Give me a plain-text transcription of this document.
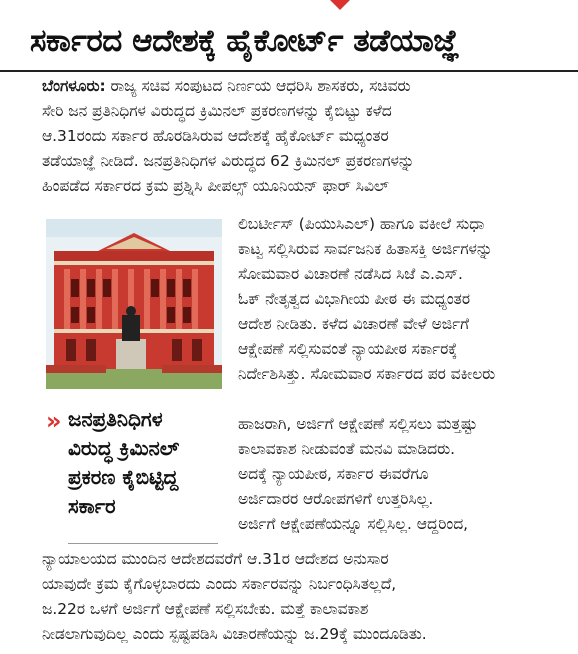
ಸರ್ಕಾರದ ಆದೇಶಕ್ಕೆ ಹೈಕೋರ್ಟ್ ತಡೆಯಾಜ್ಞೆ
ಬೆಂಗಳೂರು: ರಾಜ್ಯ ಸಚಿವ ಸಂಪುಟದ ನಿರ್ಣಯ ಆಧರಿಸಿ ಶಾಸಕರು, ಸಚಿವರು
ಸೇರಿ ಜನ ಪ್ರತಿನಿಧಿಗಳ ವಿರುದ್ಧದ ಕ್ರಿಮಿನಲ್ ಪ್ರಕರಣಗಳನ್ನು ಕೈಬಿಟ್ಟು ಕಳೆದ
ಆ.31ರಂದು ಸರ್ಕಾರ ಹೊರಡಿಸಿರುವ ಆದೇಶಕ್ಕೆ ಹೈಕೋರ್ಟ್ ಮಧ್ಯಂತರ
ತಡೆಯಾಜ್ಞೆ ನೀಡಿದೆ. ಜನಪ್ರತಿನಿಧಿಗಳ ವಿರುದ್ಧದ 62 ಕ್ರಿಮಿನಲ್ ಪ್ರಕರಣಗಳನ್ನು
ಹಿಂಪಡೆದ ಸರ್ಕಾರದ ಕ್ರಮ ಪ್ರಶ್ನಿಸಿ ಪೀಪಲ್ಸ್ ಯೂನಿಯನ್ ಫಾರ್ ಸಿವಿಲ್
ಲಿಬರ್ಟೀಸ್ (ಪಿಯುಸಿಎಲ್) ಹಾಗೂ ವಕೀಲೆ ಸುಧಾ
ಕಾಟ್ವ ಸಲ್ಲಿಸಿರುವ ಸಾರ್ವಜನಿಕ ಹಿತಾಸಕ್ತಿ ಅರ್ಜಿಗಳನ್ನು
ಸೋಮವಾರ ವಿಚಾರಣೆ ನಡೆಸಿದ ಸಿಜೆ ಎ.ಎಸ್.
ಓಕ್ ನೇತೃತ್ವದ ವಿಭಾಗೀಯ ಪೀಠ ಈ ಮಧ್ಯಂತರ
ಆದೇಶ ನೀಡಿತು. ಕಳೆದ ವಿಚಾರಣೆ ವೇಳೆ ಅರ್ಜಿಗೆ
ಆಕ್ಷೇಪಣೆ ಸಲ್ಲಿಸುವಂತೆ ನ್ಯಾಯಪೀಠ ಸರ್ಕಾರಕ್ಕೆ
ನಿರ್ದೇಶಿಸಿತ್ತು. ಸೋಮವಾರ ಸರ್ಕಾರದ ಪರ ವಕೀಲರು
» ಜನಪ್ರತಿನಿಧಿಗಳ
ವಿರುದ್ಧ ಕ್ರಿಮಿನಲ್
ಪ್ರಕರಣ ಕೈಬಿಟ್ಟಿದ್ದ
ಸರ್ಕಾರ
ಹಾಜರಾಗಿ, ಅರ್ಜಿಗೆ ಆಕ್ಷೇಪಣೆ ಸಲ್ಲಿಸಲು ಮತ್ತಷ್ಟು
ಕಾಲಾವಕಾಶ ನೀಡುವಂತೆ ಮನವಿ ಮಾಡಿದರು.
ಅದಕ್ಕೆ ನ್ಯಾಯಪೀಠ, ಸರ್ಕಾರ ಈವರೆಗೂ
ಅರ್ಜಿದಾರರ ಆರೋಪಗಳಿಗೆ ಉತ್ತರಿಸಿಲ್ಲ.
ಅರ್ಜಿಗೆ ಆಕ್ಷೇಪಣೆಯನ್ನೂ ಸಲ್ಲಿಸಿಲ್ಲ. ಆದ್ದರಿಂದ,
ನ್ಯಾಯಾಲಯದ ಮುಂದಿನ ಆದೇಶದವರೆಗೆ ಆ.31ರ ಆದೇಶದ ಅನುಸಾರ
ಯಾವುದೇ ಕ್ರಮ ಕೈಗೊಳ್ಳಬಾರದು ಎಂದು ಸರ್ಕಾರವನ್ನು ನಿರ್ಬಂಧಿಸಿತಲ್ಲದೆ,
ಜ.22ರ ಒಳಗೆ ಅರ್ಜಿಗೆ ಆಕ್ಷೇಪಣೆ ಸಲ್ಲಿಸಬೇಕು. ಮತ್ತೆ ಕಾಲಾವಕಾಶ
ನೀಡಲಾಗುವುದಿಲ್ಲ ಎಂದು ಸ್ಪಷ್ಟಪಡಿಸಿ ವಿಚಾರಣೆಯನ್ನು ಜ.29ಕ್ಕೆ ಮುಂದೂಡಿತು.
